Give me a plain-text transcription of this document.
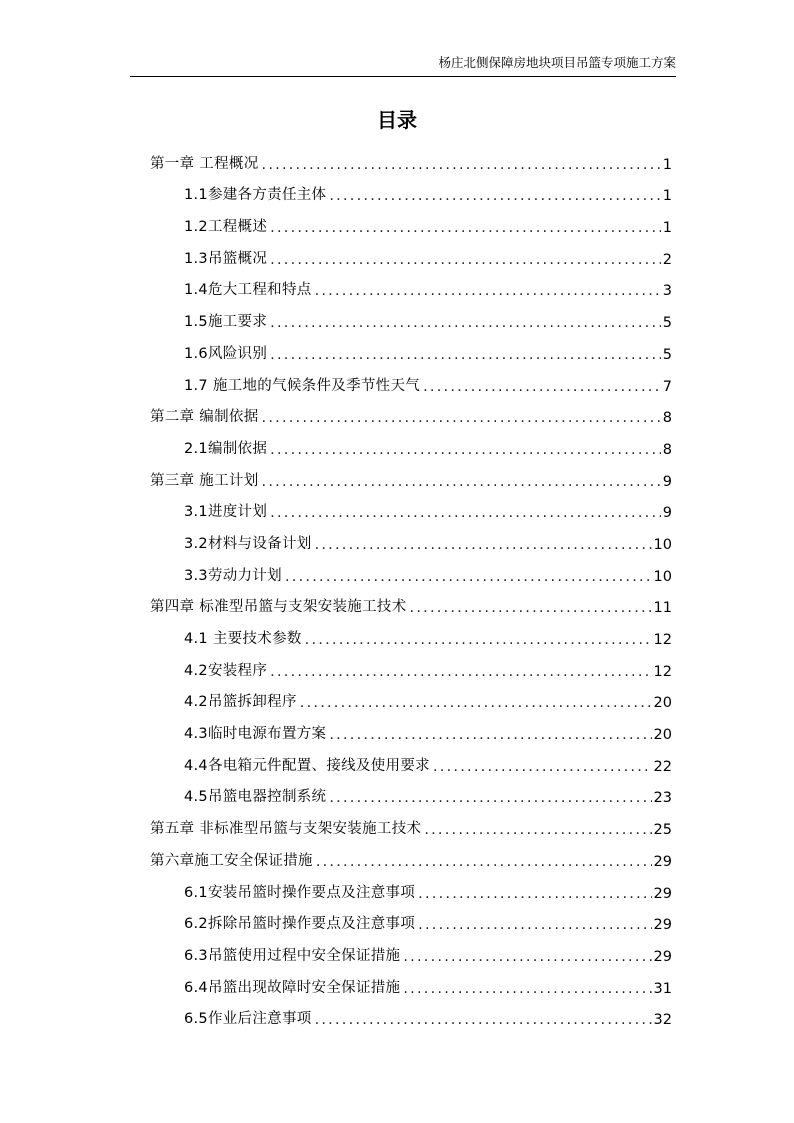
杨庄北侧保障房地块项目吊篮专项施工方案
目录
第一章 工程概况 .....	1
1.1参建各方责任主体 .....	1
1.2工程概述 .....	1
1.3吊篮概况 .....	2
1.4危大工程和特点 .....	3
1.5施工要求 .....	5
1.6风险识别 .....	5
1.7 施工地的气候条件及季节性天气 .....	7
第二章 编制依据 .....	8
2.1编制依据 .....	8
第三章 施工计划 .....	9
3.1进度计划 .....	9
3.2材料与设备计划 .....	10
3.3劳动力计划 .....	10
第四章 标准型吊篮与支架安装施工技术 .....	11
4.1 主要技术参数 .....	12
4.2安装程序 .....	12
4.2吊篮拆卸程序 .....	20
4.3临时电源布置方案 .....	20
4.4各电箱元件配置、接线及使用要求 .....	22
4.5吊篮电器控制系统 .....	23
第五章 非标准型吊篮与支架安装施工技术 .....	25
第六章施工安全保证措施 .....	29
6.1安装吊篮时操作要点及注意事项 .....	29
6.2拆除吊篮时操作要点及注意事项 .....	29
6.3吊篮使用过程中安全保证措施 .....	29
6.4吊篮出现故障时安全保证措施 .....	31
6.5作业后注意事项 .....	32
